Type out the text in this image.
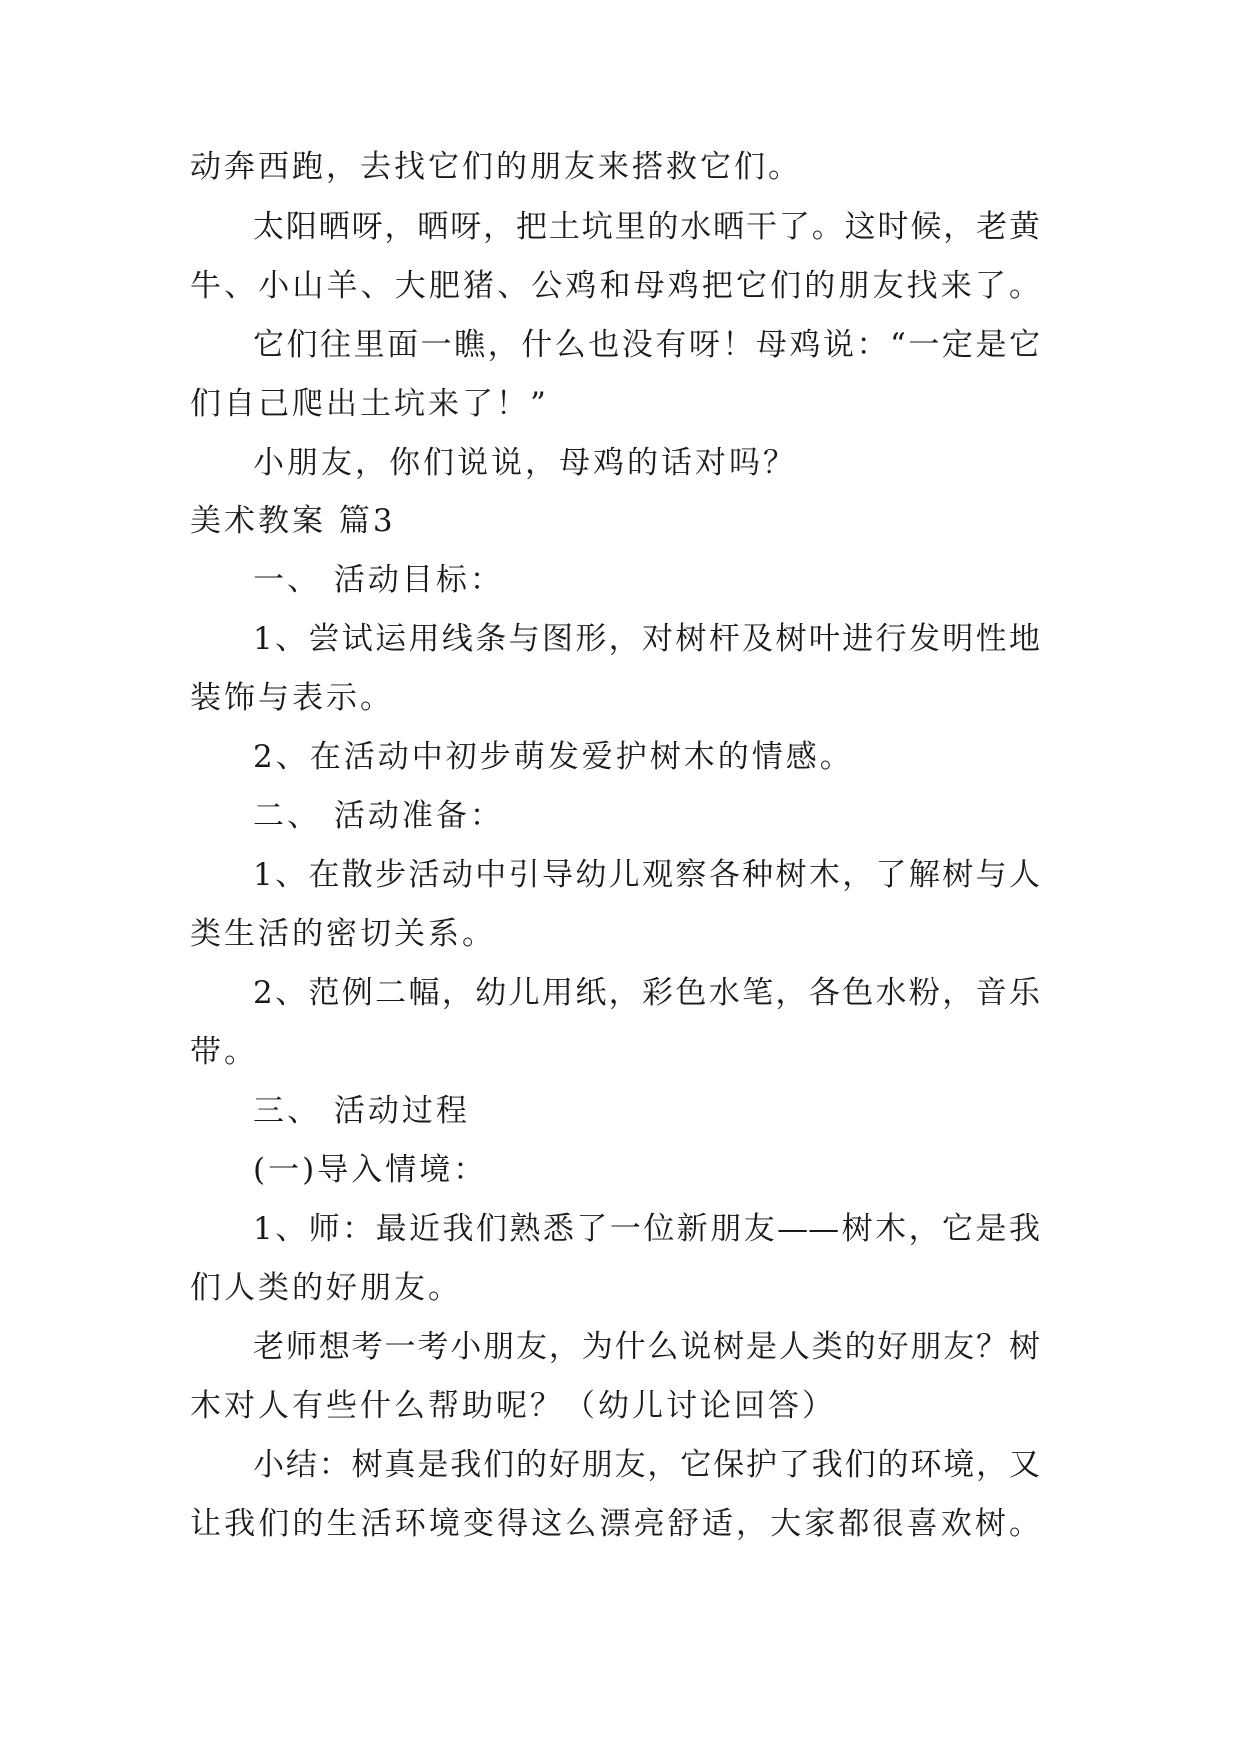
动奔西跑，去找它们的朋友来搭救它们。
太阳晒呀，晒呀，把土坑里的水晒干了。这时候，老黄
牛、小山羊、大肥猪、公鸡和母鸡把它们的朋友找来了。
它们往里面一瞧，什么也没有呀！母鸡说：“一定是它
们自己爬出土坑来了！”
小朋友，你们说说，母鸡的话对吗？
美术教案 篇3
一、 活动目标：
1、尝试运用线条与图形，对树杆及树叶进行发明性地
装饰与表示。
2、在活动中初步萌发爱护树木的情感。
二、 活动准备：
1、在散步活动中引导幼儿观察各种树木，了解树与人
类生活的密切关系。
2、范例二幅，幼儿用纸，彩色水笔，各色水粉，音乐
带。
三、 活动过程
(一)导入情境：
1、师：最近我们熟悉了一位新朋友——树木，它是我
们人类的好朋友。
老师想考一考小朋友，为什么说树是人类的好朋友？树
木对人有些什么帮助呢？（幼儿讨论回答）
小结：树真是我们的好朋友，它保护了我们的环境，又
让我们的生活环境变得这么漂亮舒适，大家都很喜欢树。
